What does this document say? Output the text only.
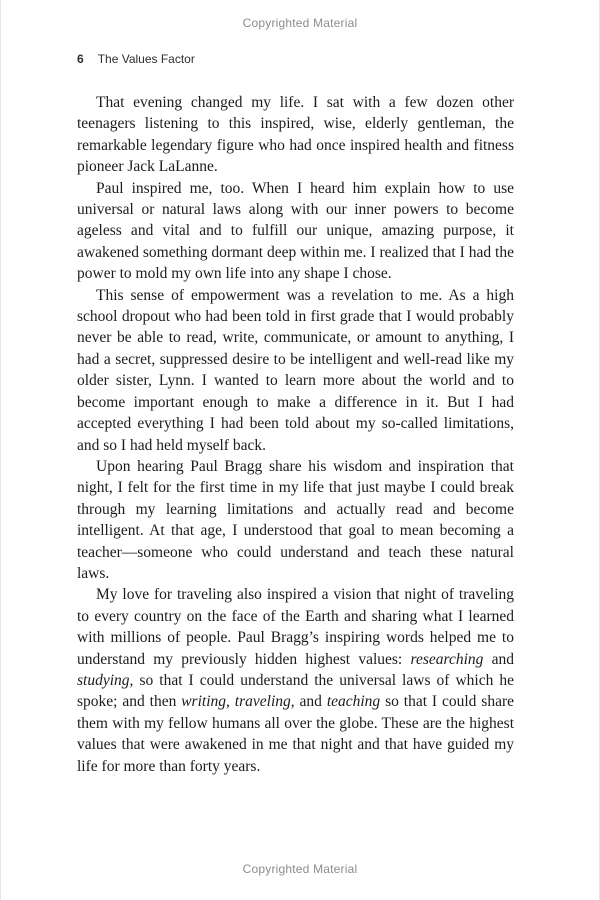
Copyrighted Material
6 The Values Factor

That evening changed my life. I sat with a few dozen other teenagers listening to this inspired, wise, elderly gentleman, the remarkable legendary figure who had once inspired health and fitness pioneer Jack LaLanne.

Paul inspired me, too. When I heard him explain how to use universal or natural laws along with our inner powers to become ageless and vital and to fulfill our unique, amazing purpose, it awakened something dormant deep within me. I realized that I had the power to mold my own life into any shape I chose.

This sense of empowerment was a revelation to me. As a high school dropout who had been told in first grade that I would probably never be able to read, write, communicate, or amount to anything, I had a secret, suppressed desire to be intelligent and well-read like my older sister, Lynn. I wanted to learn more about the world and to become important enough to make a difference in it. But I had accepted everything I had been told about my so-called limitations, and so I had held myself back.

Upon hearing Paul Bragg share his wisdom and inspiration that night, I felt for the first time in my life that just maybe I could break through my learning limitations and actually read and become intelligent. At that age, I understood that goal to mean becoming a teacher—someone who could understand and teach these natural laws.

My love for traveling also inspired a vision that night of traveling to every country on the face of the Earth and sharing what I learned with millions of people. Paul Bragg’s inspiring words helped me to understand my previously hidden highest values: researching and studying, so that I could understand the universal laws of which he spoke; and then writing, traveling, and teaching so that I could share them with my fellow humans all over the globe. These are the highest values that were awakened in me that night and that have guided my life for more than forty years.

Copyrighted Material
